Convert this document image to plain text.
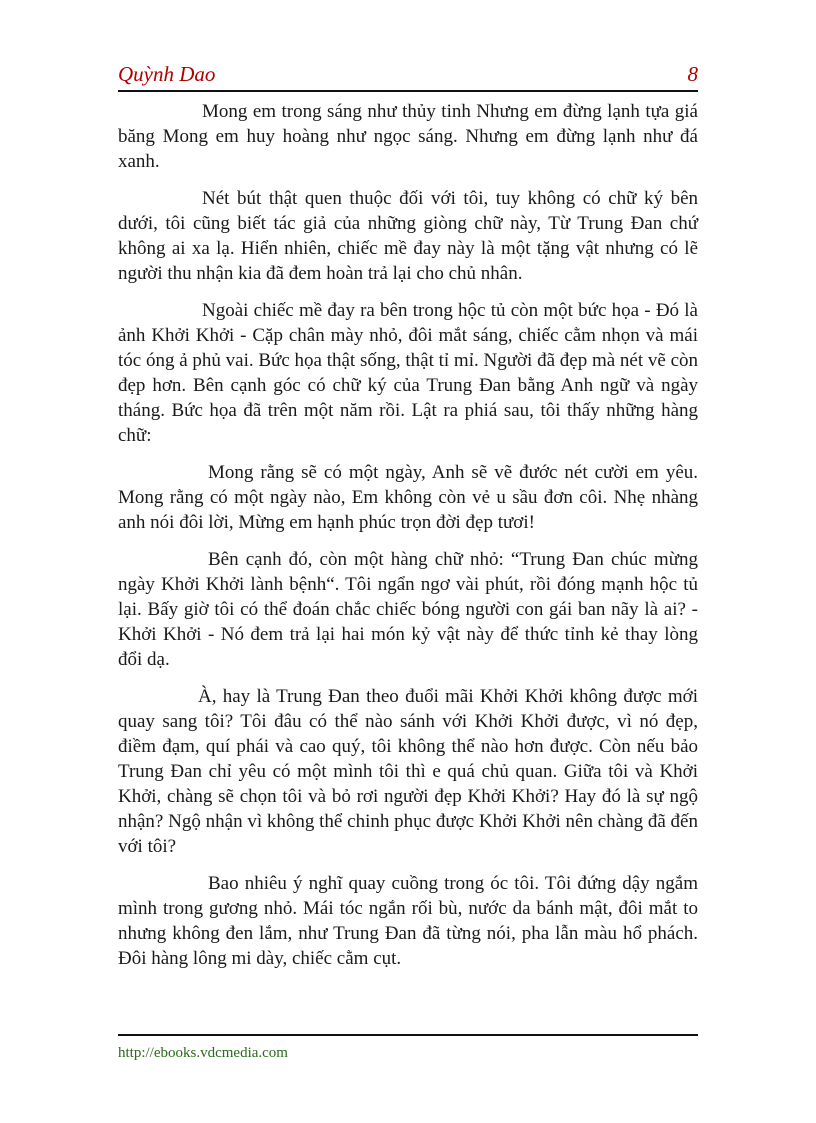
Quỳnh Dao	8

Mong em trong sáng như thủy tinh Nhưng em đừng lạnh tựa giá băng Mong em huy hoàng như ngọc sáng. Nhưng em đừng lạnh như đá xanh.

Nét bút thật quen thuộc đối với tôi, tuy không có chữ ký bên dưới, tôi cũng biết tác giả của những giòng chữ này, Từ Trung Đan chứ không ai xa lạ. Hiển nhiên, chiếc mề đay này là một tặng vật nhưng có lẽ người thu nhận kia đã đem hoàn trả lại cho chủ nhân.

Ngoài chiếc mề đay ra bên trong hộc tủ còn một bức họa - Đó là ảnh Khởi Khởi - Cặp chân mày nhỏ, đôi mắt sáng, chiếc cằm nhọn và mái tóc óng ả phủ vai. Bức họa thật sống, thật tỉ mỉ. Người đã đẹp mà nét vẽ còn đẹp hơn. Bên cạnh góc có chữ ký của Trung Đan bằng Anh ngữ và ngày tháng. Bức họa đã trên một năm rồi. Lật ra phiá sau, tôi thấy những hàng chữ:

Mong rằng sẽ có một ngày, Anh sẽ vẽ đước nét cười em yêu. Mong rằng có một ngày nào, Em không còn vẻ u sầu đơn côi. Nhẹ nhàng anh nói đôi lời, Mừng em hạnh phúc trọn đời đẹp tươi!

Bên cạnh đó, còn một hàng chữ nhỏ: “Trung Đan chúc mừng ngày Khởi Khởi lành bệnh“. Tôi ngẩn ngơ vài phút, rồi đóng mạnh hộc tủ lại. Bấy giờ tôi có thể đoán chắc chiếc bóng người con gái ban nãy là ai? - Khởi Khởi - Nó đem trả lại hai món kỷ vật này để thức tỉnh kẻ thay lòng đổi dạ.

À, hay là Trung Đan theo đuổi mãi Khởi Khởi không được mới quay sang tôi? Tôi đâu có thể nào sánh với Khởi Khởi được, vì nó đẹp, điềm đạm, quí phái và cao quý, tôi không thể nào hơn được. Còn nếu bảo Trung Đan chỉ yêu có một mình tôi thì e quá chủ quan. Giữa tôi và Khởi Khởi, chàng sẽ chọn tôi và bỏ rơi người đẹp Khởi Khởi? Hay đó là sự ngộ nhận? Ngộ nhận vì không thể chinh phục được Khởi Khởi nên chàng đã đến với tôi?

Bao nhiêu ý nghĩ quay cuồng trong óc tôi. Tôi đứng dậy ngắm mình trong gương nhỏ. Mái tóc ngắn rối bù, nước da bánh mật, đôi mắt to nhưng không đen lắm, như Trung Đan đã từng nói, pha lẫn màu hổ phách. Đôi hàng lông mi dày, chiếc cằm cụt.

http://ebooks.vdcmedia.com
